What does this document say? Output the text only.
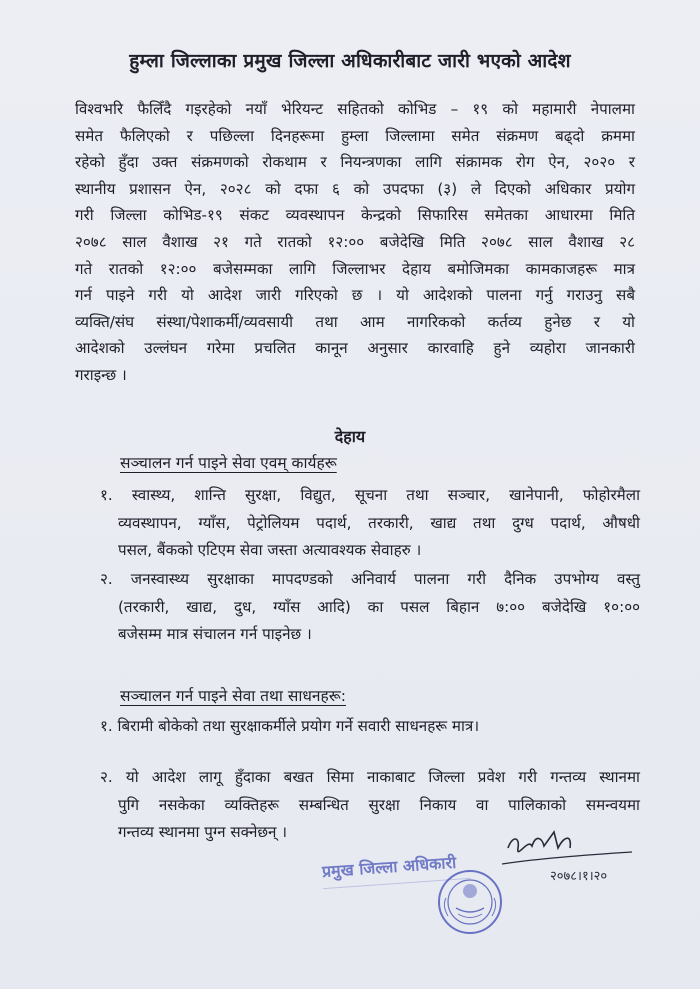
हुम्ला जिल्लाका प्रमुख जिल्ला अधिकारीबाट जारी भएको आदेश
विश्वभरि फैलिँदै गइरहेको नयाँ भेरियन्ट सहितको कोभिड – १९ को महामारी नेपालमा
समेत फैलिएको र पछिल्ला दिनहरूमा हुम्ला जिल्लामा समेत संक्रमण बढ्दो क्रममा
रहेको हुँदा उक्त संक्रमणको रोकथाम र नियन्त्रणका लागि संक्रामक रोग ऐन, २०२० र
स्थानीय प्रशासन ऐन, २०२८ को दफा ६ को उपदफा (३) ले दिएको अधिकार प्रयोग
गरी जिल्ला कोभिड-१९ संकट व्यवस्थापन केन्द्रको सिफारिस समेतका आधारमा मिति
२०७८ साल वैशाख २१ गते रातको १२:०० बजेदेखि मिति २०७८ साल वैशाख २८
गते रातको १२:०० बजेसम्मका लागि जिल्लाभर देहाय बमोजिमका कामकाजहरू मात्र
गर्न पाइने गरी यो आदेश जारी गरिएको छ । यो आदेशको पालना गर्नु गराउनु सबै
व्यक्ति/संघ संस्था/पेशाकर्मी/व्यवसायी तथा आम नागरिकको कर्तव्य हुनेछ र यो
आदेशको उल्लंघन गरेमा प्रचलित कानून अनुसार कारवाहि हुने व्यहोरा जानकारी
गराइन्छ ।
देहाय
सञ्चालन गर्न पाइने सेवा एवम् कार्यहरू
१. स्वास्थ्य, शान्ति सुरक्षा, विद्युत, सूचना तथा सञ्चार, खानेपानी, फोहोरमैला
व्यवस्थापन, ग्याँस, पेट्रोलियम पदार्थ, तरकारी, खाद्य तथा दुग्ध पदार्थ, औषधी
पसल, बैंकको एटिएम सेवा जस्ता अत्यावश्यक सेवाहरु ।
२. जनस्वास्थ्य सुरक्षाका मापदण्डको अनिवार्य पालना गरी दैनिक उपभोग्य वस्तु
(तरकारी, खाद्य, दुध, ग्याँस आदि) का पसल बिहान ७:०० बजेदेखि १०:००
बजेसम्म मात्र संचालन गर्न पाइनेछ ।
सञ्चालन गर्न पाइने सेवा तथा साधनहरू:
१. बिरामी बोकेको तथा सुरक्षाकर्मीले प्रयोग गर्ने सवारी साधनहरू मात्र।
२. यो आदेश लागू हुँदाका बखत सिमा नाकाबाट जिल्ला प्रवेश गरी गन्तव्य स्थानमा
पुगि नसकेका व्यक्तिहरू सम्बन्धित सुरक्षा निकाय वा पालिकाको समन्वयमा
गन्तव्य स्थानमा पुग्न सक्नेछन् ।
प्रमुख जिल्ला अधिकारी	२०७८।१।२०
